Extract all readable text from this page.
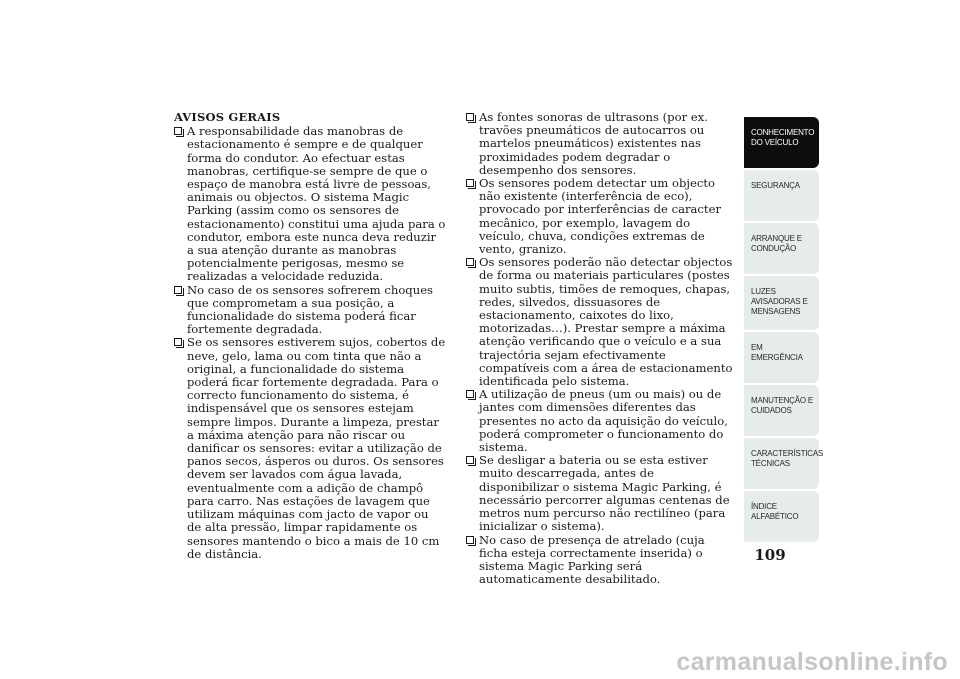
AVISOS GERAIS

A responsabilidade das manobras de estacionamento é sempre e de qualquer forma do condutor. Ao efectuar estas manobras, certifique-se sempre de que o espaço de manobra está livre de pessoas, animais ou objectos. O sistema Magic Parking (assim como os sensores de estacionamento) constitui uma ajuda para o condutor, embora este nunca deva reduzir a sua atenção durante as manobras potencialmente perigosas, mesmo se realizadas a velocidade reduzida.

No caso de os sensores sofrerem choques que comprometam a sua posição, a funcionalidade do sistema poderá ficar fortemente degradada.

Se os sensores estiverem sujos, cobertos de neve, gelo, lama ou com tinta que não a original, a funcionalidade do sistema poderá ficar fortemente degradada. Para o correcto funcionamento do sistema, é indispensável que os sensores estejam sempre limpos. Durante a limpeza, prestar a máxima atenção para não riscar ou danificar os sensores: evitar a utilização de panos secos, ásperos ou duros. Os sensores devem ser lavados com água lavada, eventualmente com a adição de champô para carro. Nas estações de lavagem que utilizam máquinas com jacto de vapor ou de alta pressão, limpar rapidamente os sensores mantendo o bico a mais de 10 cm de distância.

As fontes sonoras de ultrasons (por ex. travões pneumáticos de autocarros ou martelos pneumáticos) existentes nas proximidades podem degradar o desempenho dos sensores.

Os sensores podem detectar um objecto não existente (interferência de eco), provocado por interferências de caracter mecânico, por exemplo, lavagem do veículo, chuva, condições extremas de vento, granizo.

Os sensores poderão não detectar objectos de forma ou materiais particulares (postes muito subtis, timões de remoques, chapas, redes, silvedos, dissuasores de estacionamento, caixotes do lixo, motorizadas…). Prestar sempre a máxima atenção verificando que o veículo e a sua trajectória sejam efectivamente compatíveis com a área de estacionamento identificada pelo sistema.

A utilização de pneus (um ou mais) ou de jantes com dimensões diferentes das presentes no acto da aquisição do veículo, poderá comprometer o funcionamento do sistema.

Se desligar a bateria ou se esta estiver muito descarregada, antes de disponibilizar o sistema Magic Parking, é necessário percorrer algumas centenas de metros num percurso não rectilíneo (para inicializar o sistema).

No caso de presença de atrelado (cuja ficha esteja correctamente inserida) o sistema Magic Parking será automaticamente desabilitado.

CONHECIMENTO
DO VEÍCULO
SEGURANÇA
ARRANQUE E
CONDUÇÃO
LUZES
AVISADORAS E
MENSAGENS
EM EMERGÊNCIA
MANUTENÇÃO E
CUIDADOS
CARACTERÍSTICAS
TÉCNICAS
ÍNDICE
ALFABÉTICO
109
carmanualsonline.info
